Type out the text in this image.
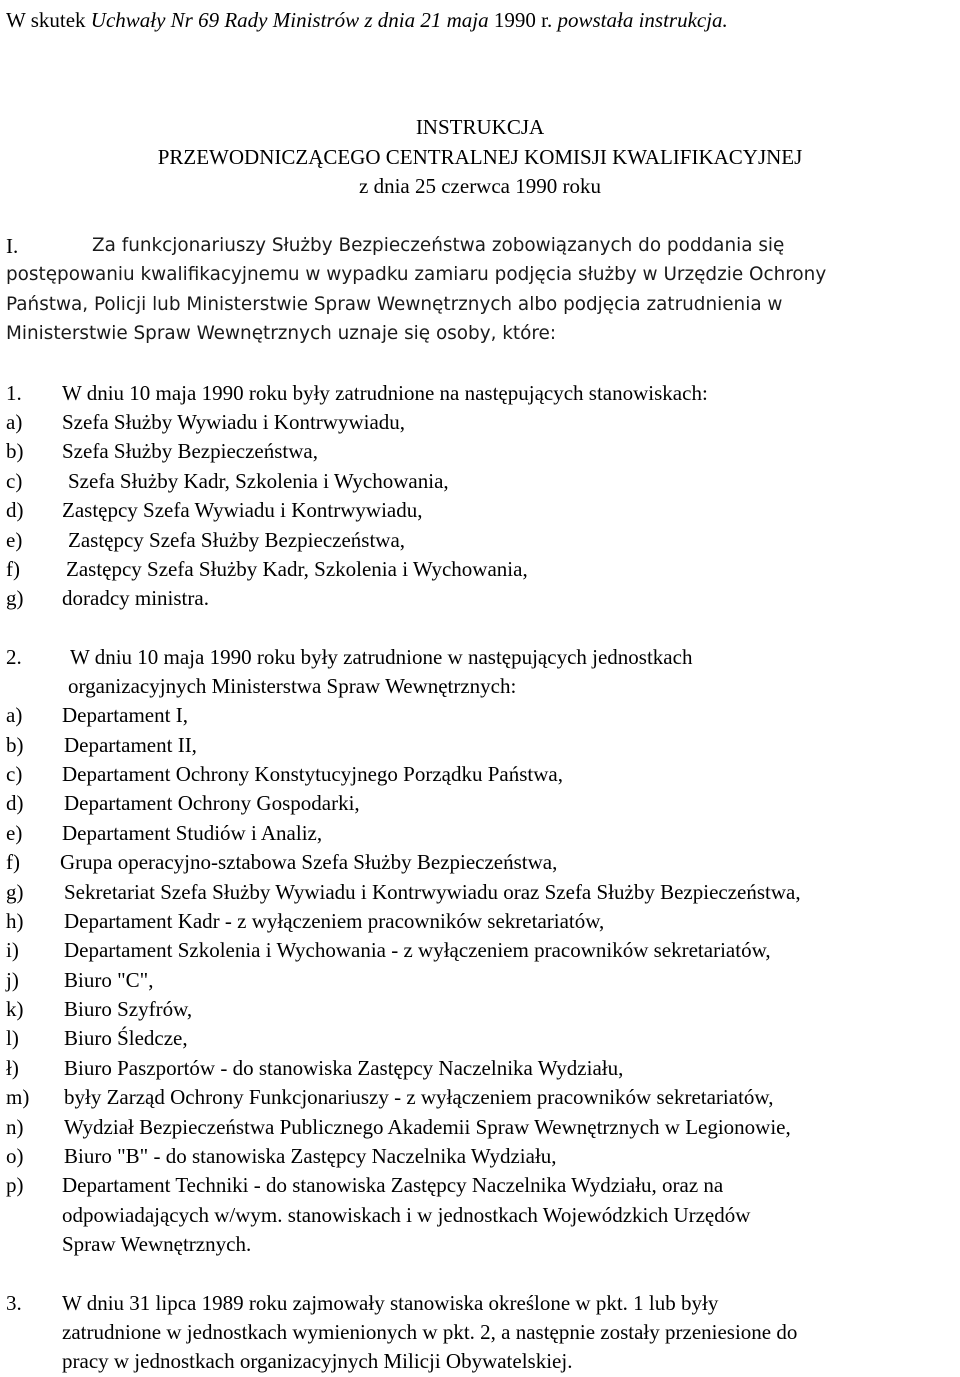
W skutek Uchwały Nr 69 Rady Ministrów z dnia 21 maja 1990 r. powstała instrukcja.
INSTRUKCJA
PRZEWODNICZĄCEGO CENTRALNEJ KOMISJI KWALIFIKACYJNEJ
z dnia 25 czerwca 1990 roku
I.	Za funkcjonariuszy Służby Bezpieczeństwa zobowiązanych do poddania się
postępowaniu kwalifikacyjnemu w wypadku zamiaru podjęcia służby w Urzędzie Ochrony
Państwa, Policji lub Ministerstwie Spraw Wewnętrznych albo podjęcia zatrudnienia w
Ministerstwie Spraw Wewnętrznych uznaje się osoby, które:
1. W dniu 10 maja 1990 roku były zatrudnione na następujących stanowiskach:
a) Szefa Służby Wywiadu i Kontrwywiadu,
b) Szefa Służby Bezpieczeństwa,
c) Szefa Służby Kadr, Szkolenia i Wychowania,
d) Zastępcy Szefa Wywiadu i Kontrwywiadu,
e) Zastępcy Szefa Służby Bezpieczeństwa,
f) Zastępcy Szefa Służby Kadr, Szkolenia i Wychowania,
g) doradcy ministra.
2. W dniu 10 maja 1990 roku były zatrudnione w następujących jednostkach
organizacyjnych Ministerstwa Spraw Wewnętrznych:
a) Departament I,
b) Departament II,
c) Departament Ochrony Konstytucyjnego Porządku Państwa,
d) Departament Ochrony Gospodarki,
e) Departament Studiów i Analiz,
f) Grupa operacyjno-sztabowa Szefa Służby Bezpieczeństwa,
g) Sekretariat Szefa Służby Wywiadu i Kontrwywiadu oraz Szefa Służby Bezpieczeństwa,
h) Departament Kadr - z wyłączeniem pracowników sekretariatów,
i) Departament Szkolenia i Wychowania - z wyłączeniem pracowników sekretariatów,
j) Biuro "C",
k) Biuro Szyfrów,
l) Biuro Śledcze,
ł) Biuro Paszportów - do stanowiska Zastępcy Naczelnika Wydziału,
m) były Zarząd Ochrony Funkcjonariuszy - z wyłączeniem pracowników sekretariatów,
n) Wydział Bezpieczeństwa Publicznego Akademii Spraw Wewnętrznych w Legionowie,
o) Biuro "B" - do stanowiska Zastępcy Naczelnika Wydziału,
p) Departament Techniki - do stanowiska Zastępcy Naczelnika Wydziału, oraz na
odpowiadających w/wym. stanowiskach i w jednostkach Wojewódzkich Urzędów
Spraw Wewnętrznych.
3. W dniu 31 lipca 1989 roku zajmowały stanowiska określone w pkt. 1 lub były
zatrudnione w jednostkach wymienionych w pkt. 2, a następnie zostały przeniesione do
pracy w jednostkach organizacyjnych Milicji Obywatelskiej.
